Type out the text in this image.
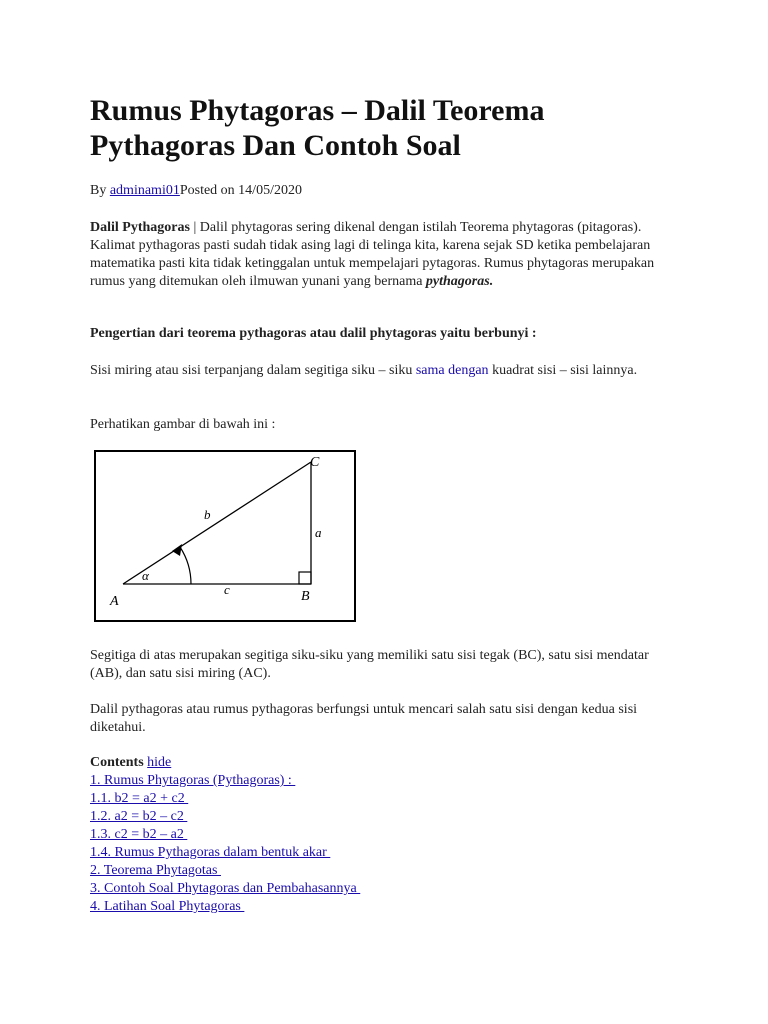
Rumus Phytagoras – Dalil Teorema Pythagoras Dan Contoh Soal
By adminami01Posted on 14/05/2020

Dalil Pythagoras | Dalil phytagoras sering dikenal dengan istilah Teorema phytagoras (pitagoras). Kalimat pythagoras pasti sudah tidak asing lagi di telinga kita, karena sejak SD ketika pembelajaran matematika pasti kita tidak ketinggalan untuk mempelajari pytagoras. Rumus phytagoras merupakan rumus yang ditemukan oleh ilmuwan yunani yang bernama pythagoras.

Pengertian dari teorema pythagoras atau dalil phytagoras yaitu berbunyi :

Sisi miring atau sisi terpanjang dalam segitiga siku – siku sama dengan kuadrat sisi – sisi lainnya.

Perhatikan gambar di bawah ini :

A	B
C
a
b
c
α

Segitiga di atas merupakan segitiga siku-siku yang memiliki satu sisi tegak (BC), satu sisi mendatar (AB), dan satu sisi miring (AC).

Dalil pythagoras atau rumus pythagoras berfungsi untuk mencari salah satu sisi dengan kedua sisi diketahui.

Contents hide
1. Rumus Phytagoras (Pythagoras) :
1.1. b2 = a2 + c2
1.2. a2 = b2 – c2
1.3. c2 = b2 – a2
1.4. Rumus Pythagoras dalam bentuk akar
2. Teorema Phytagotas
3. Contoh Soal Phytagoras dan Pembahasannya
4. Latihan Soal Phytagoras
